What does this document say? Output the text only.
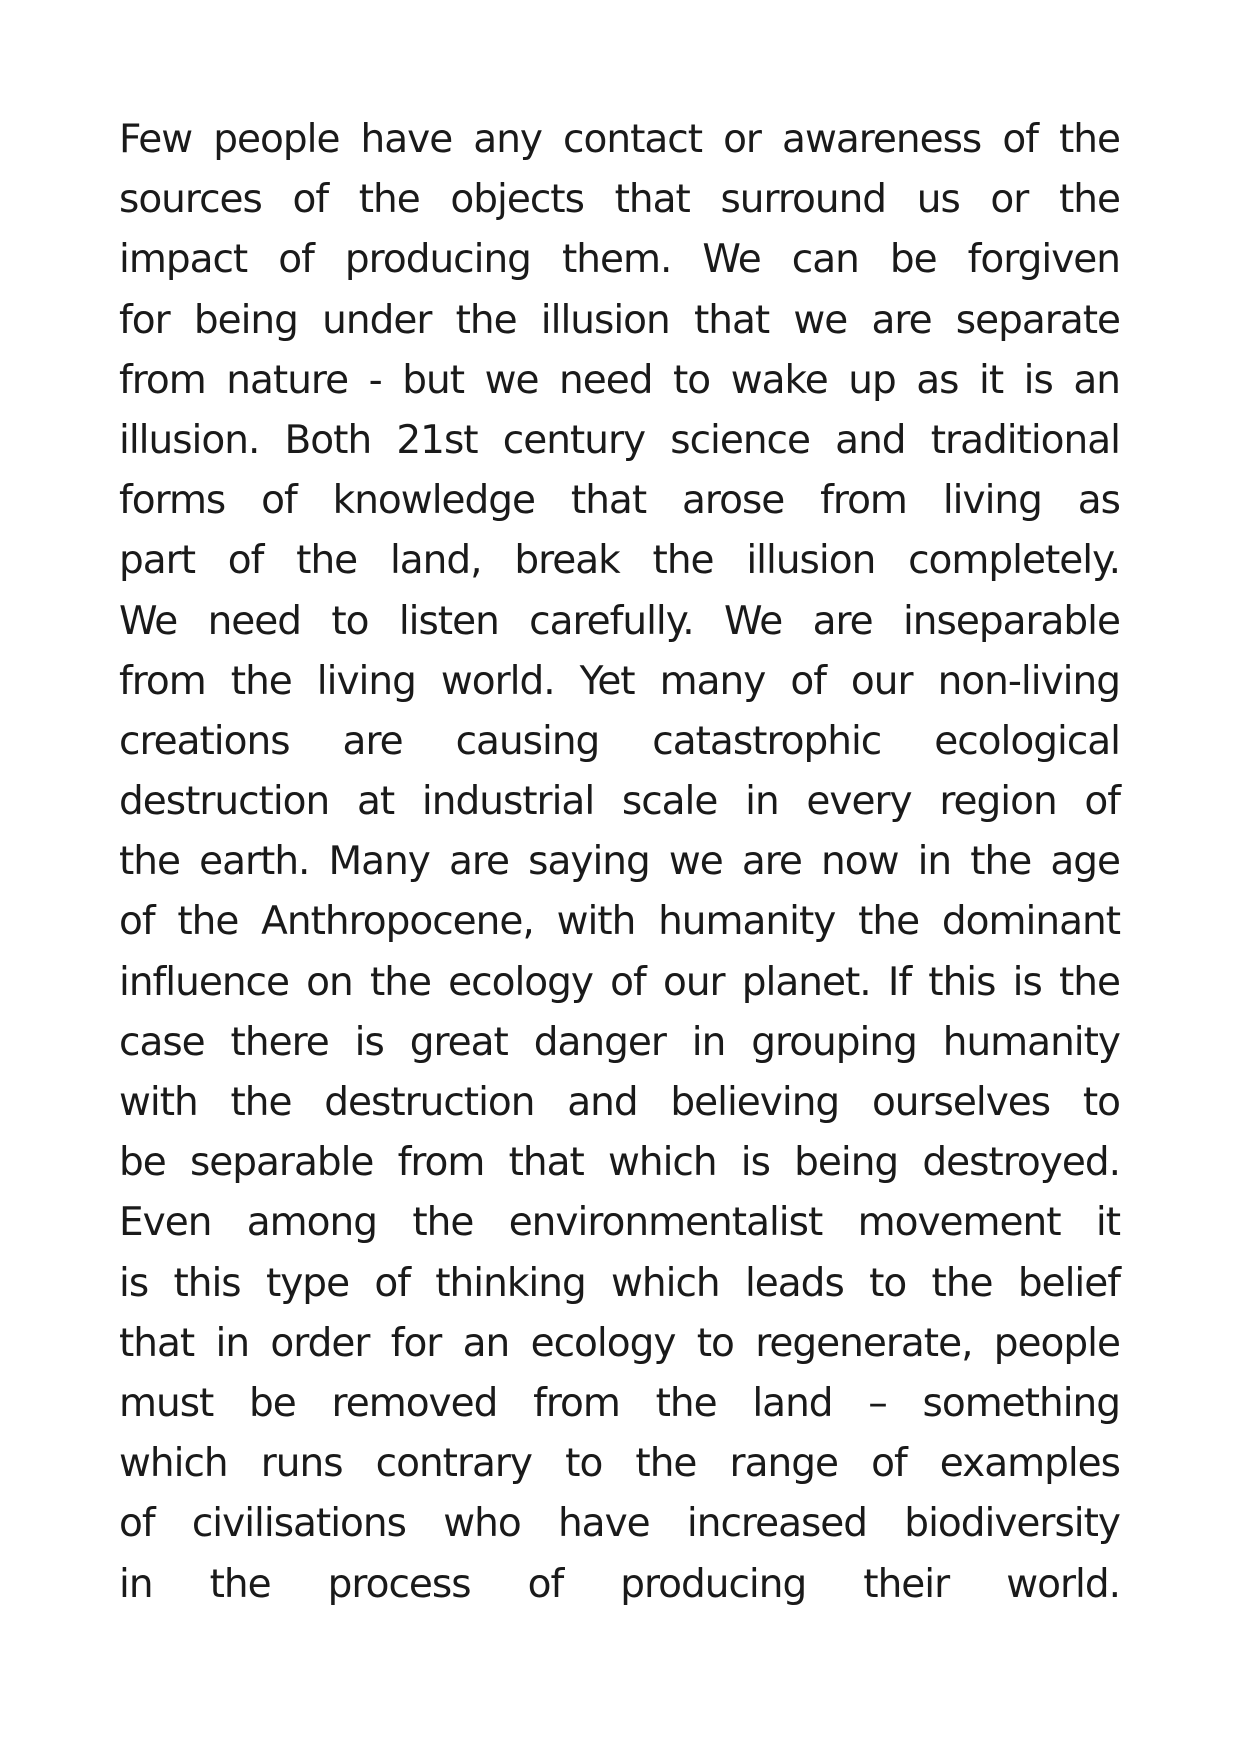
Few people have any contact or awareness of the
sources of the objects that surround us or the
impact of producing them. We can be forgiven
for being under the illusion that we are separate
from nature - but we need to wake up as it is an
illusion. Both 21st century science and traditional
forms of knowledge that arose from living as
part of the land, break the illusion completely.
We need to listen carefully. We are inseparable
from the living world. Yet many of our non-living
creations are causing catastrophic ecological
destruction at industrial scale in every region of
the earth. Many are saying we are now in the age
of the Anthropocene, with humanity the dominant
influence on the ecology of our planet. If this is the
case there is great danger in grouping humanity
with the destruction and believing ourselves to
be separable from that which is being destroyed.
Even among the environmentalist movement it
is this type of thinking which leads to the belief
that in order for an ecology to regenerate, people
must be removed from the land – something
which runs contrary to the range of examples
of civilisations who have increased biodiversity
in the process of producing their world.
